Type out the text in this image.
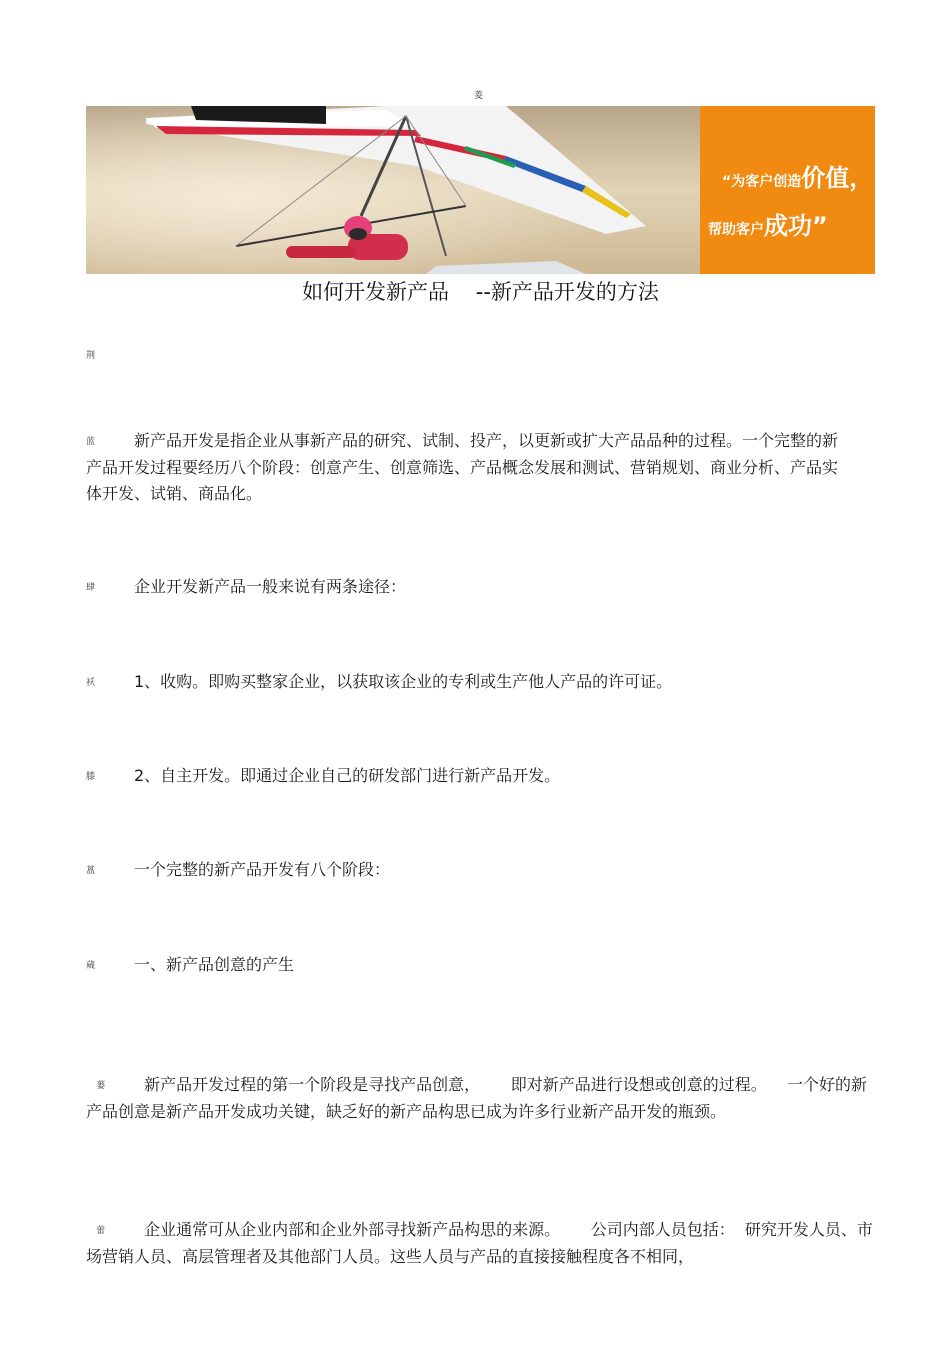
菱
“为客户创造价值，
帮助客户成功”
如何开发新产品    --新产品开发的方法
荆
蓝 新产品开发是指企业从事新产品的研究、试制、投产，以更新或扩大产品品种的过程。一个完整的新产品开发过程要经历八个阶段：创意产生、创意筛选、产品概念发展和测试、营销规划、商业分析、产品实体开发、试销、商品化。
肆 企业开发新产品一般来说有两条途径：
袄 1、收购。即购买整家企业，以获取该企业的专利或生产他人产品的许可证。
膝 2、自主开发。即通过企业自己的研发部门进行新产品开发。
蒕 一个完整的新产品开发有八个阶段：
蒇 一、新产品创意的产生

蒌 新产品开发过程的第一个阶段是寻找产品创意，      即对新产品进行设想或创意的过程。    一个好的新产品创意是新产品开发成功关键，缺乏好的新产品构思已成为许多行业新产品开发的瓶颈。

蕾 企业通常可从企业内部和企业外部寻找新产品构思的来源。      公司内部人员包括：  研究开发人员、市场营销人员、高层管理者及其他部门人员。这些人员与产品的直接接触程度各不相同，
